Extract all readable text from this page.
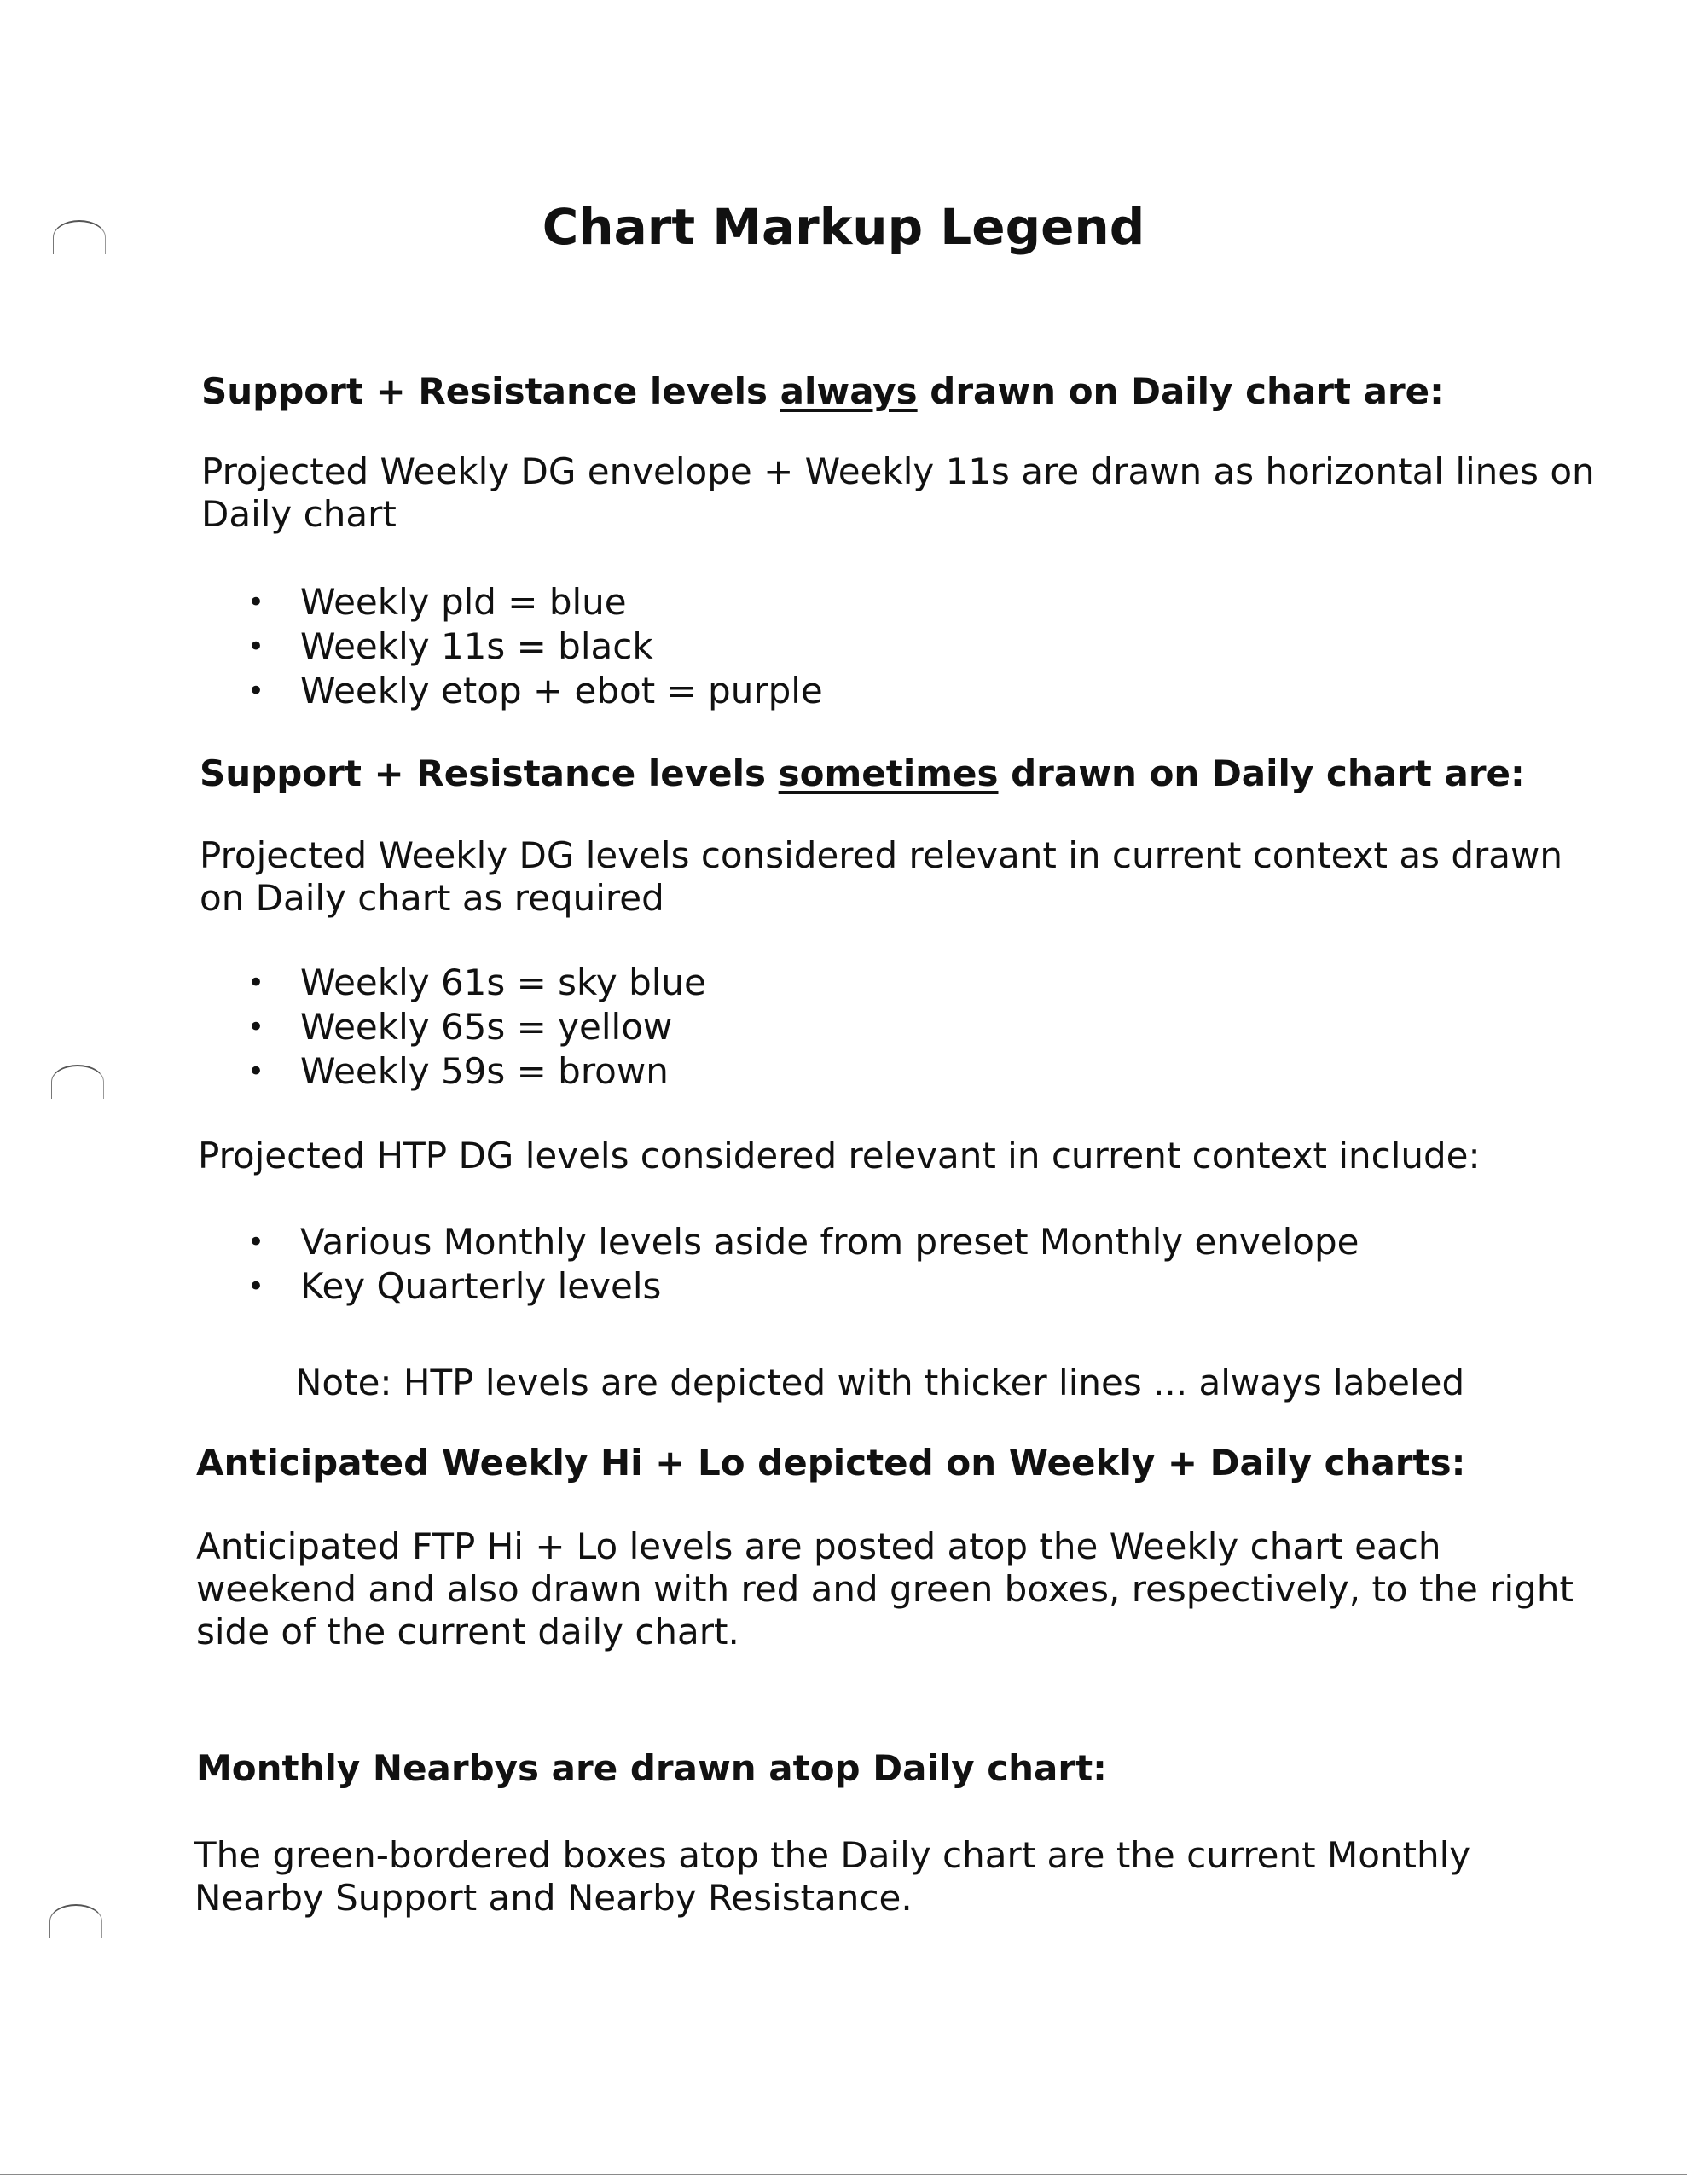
Chart Markup Legend
Support + Resistance levels always drawn on Daily chart are:
Projected Weekly DG envelope + Weekly 11s are drawn as horizontal lines on
Daily chart
• Weekly pld = blue
• Weekly 11s = black
• Weekly etop + ebot = purple
Support + Resistance levels sometimes drawn on Daily chart are:
Projected Weekly DG levels considered relevant in current context as drawn
on Daily chart as required
• Weekly 61s = sky blue
• Weekly 65s = yellow
• Weekly 59s = brown
Projected HTP DG levels considered relevant in current context include:
• Various Monthly levels aside from preset Monthly envelope
• Key Quarterly levels
Note: HTP levels are depicted with thicker lines ... always labeled
Anticipated Weekly Hi + Lo depicted on Weekly + Daily charts:
Anticipated FTP Hi + Lo levels are posted atop the Weekly chart each
weekend and also drawn with red and green boxes, respectively, to the right
side of the current daily chart.
Monthly Nearbys are drawn atop Daily chart:
The green-bordered boxes atop the Daily chart are the current Monthly
Nearby Support and Nearby Resistance.
